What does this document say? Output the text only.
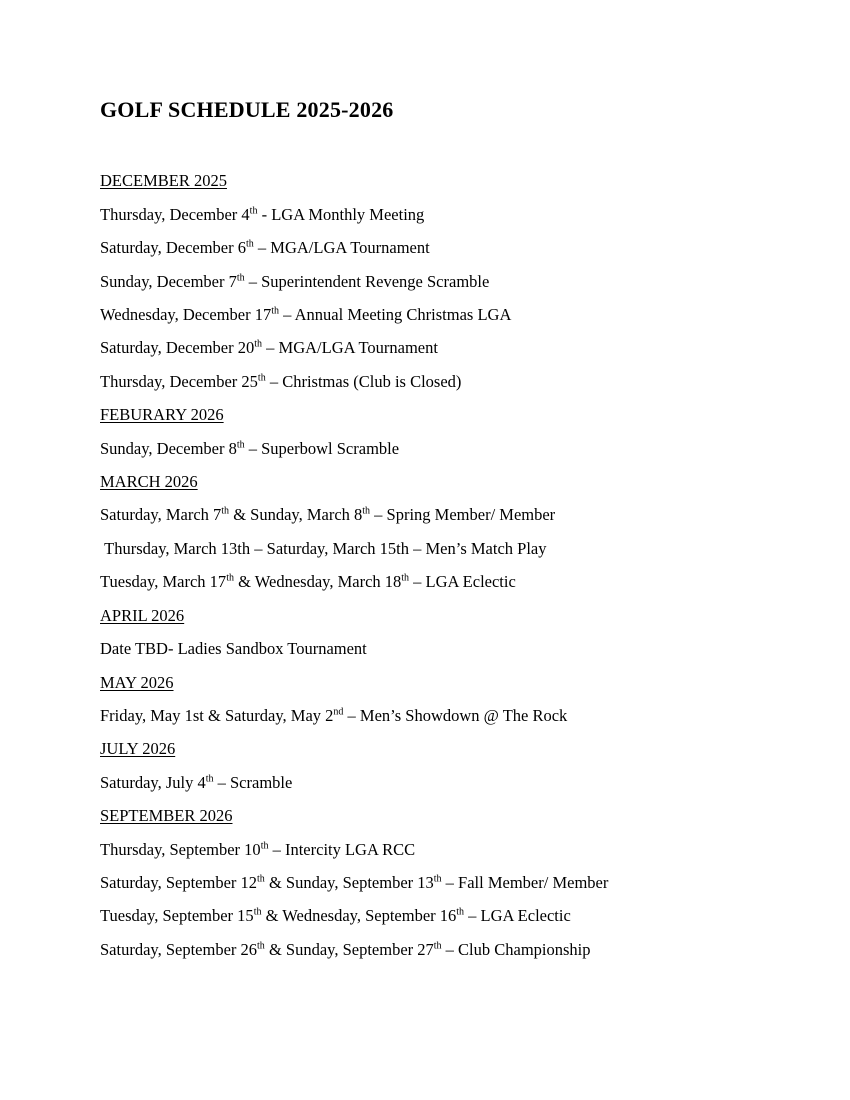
GOLF SCHEDULE 2025-2026
DECEMBER 2025
Thursday, December 4th - LGA Monthly Meeting
Saturday, December 6th – MGA/LGA Tournament
Sunday, December 7th – Superintendent Revenge Scramble
Wednesday, December 17th – Annual Meeting Christmas LGA
Saturday, December 20th – MGA/LGA Tournament
Thursday, December 25th – Christmas (Club is Closed)
FEBURARY 2026
Sunday, December 8th – Superbowl Scramble
MARCH 2026
Saturday, March 7th & Sunday, March 8th – Spring Member/ Member
Thursday, March 13th – Saturday, March 15th – Men’s Match Play
Tuesday, March 17th & Wednesday, March 18th – LGA Eclectic
APRIL 2026
Date TBD- Ladies Sandbox Tournament
MAY 2026
Friday, May 1st & Saturday, May 2nd – Men’s Showdown @ The Rock
JULY 2026
Saturday, July 4th – Scramble
SEPTEMBER 2026
Thursday, September 10th – Intercity LGA RCC
Saturday, September 12th & Sunday, September 13th – Fall Member/ Member
Tuesday, September 15th & Wednesday, September 16th – LGA Eclectic
Saturday, September 26th & Sunday, September 27th – Club Championship
